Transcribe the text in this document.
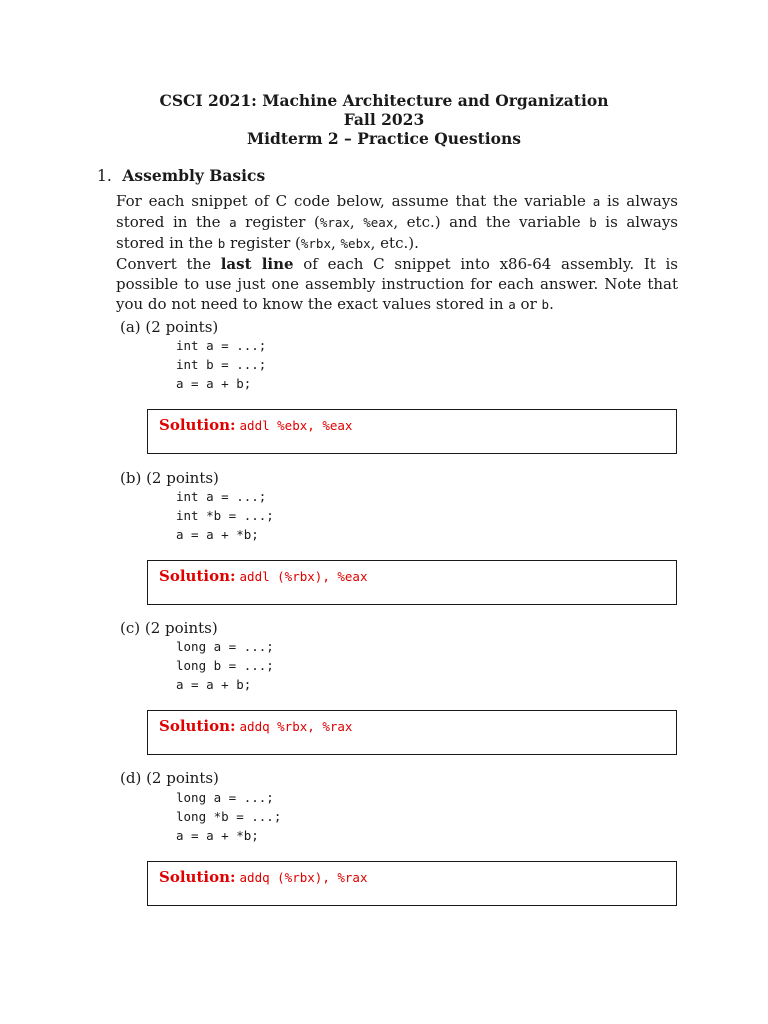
CSCI 2021: Machine Architecture and Organization
Fall 2023
Midterm 2 – Practice Questions
1. Assembly Basics
For each snippet of C code below, assume that the variable a is always stored in the a register (%rax, %eax, etc.) and the variable b is always stored in the b register (%rbx, %ebx, etc.).
Convert the last line of each C snippet into x86-64 assembly. It is possible to use just one assembly instruction for each answer. Note that you do not need to know the exact values stored in a or b.
(a) (2 points)
int a = ...;
int b = ...;
a = a + b;
Solution: addl %ebx, %eax
(b) (2 points)
int a = ...;
int *b = ...;
a = a + *b;
Solution: addl (%rbx), %eax
(c) (2 points)
long a = ...;
long b = ...;
a = a + b;
Solution: addq %rbx, %rax
(d) (2 points)
long a = ...;
long *b = ...;
a = a + *b;
Solution: addq (%rbx), %rax
